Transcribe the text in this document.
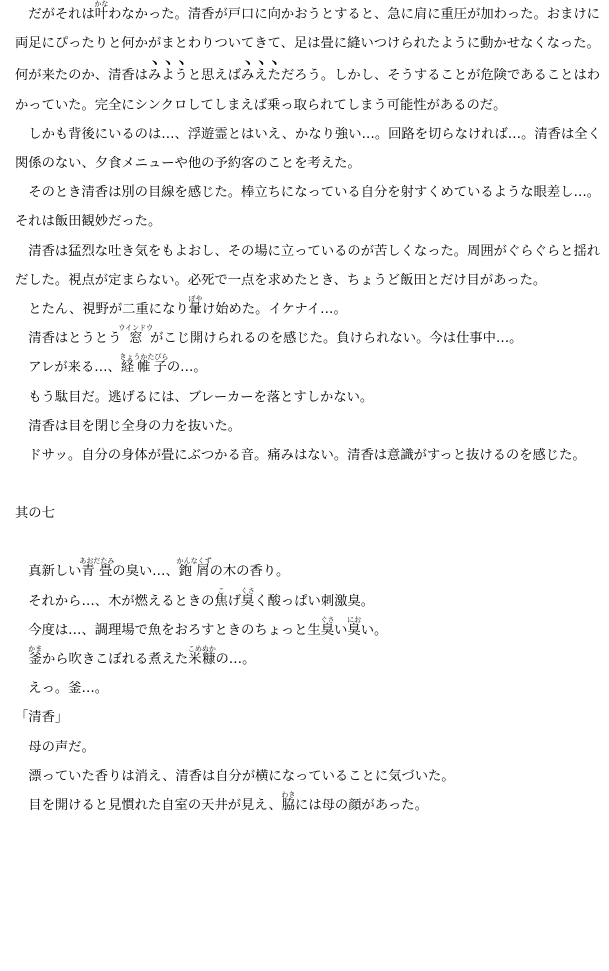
だがそれは叶かなわなかった。清香が戸口に向かおうとすると、急に肩に重圧が加わった。おまけに両足にぴったりと何かがまとわりついてきて、足は畳に縫いつけられたように動かせなくなった。何が来たのか、清香はみようと思えばみえただろう。しかし、そうすることが危険であることはわかっていた。完全にシンクロしてしまえば乗っ取られてしまう可能性があるのだ。

しかも背後にいるのは…、浮遊霊とはいえ、かなり強い…。回路を切らなければ…。清香は全く関係のない、夕食メニューや他の予約客のことを考えた。

そのとき清香は別の目線を感じた。棒立ちになっている自分を射すくめているような眼差し…。それは飯田観妙だった。

清香は猛烈な吐き気をもよおし、その場に立っているのが苦しくなった。周囲がぐらぐらと揺れだした。視点が定まらない。必死で一点を求めたとき、ちょうど飯田とだけ目があった。

とたん、視野が二重になり暈ぼやけ始めた。イケナイ…。

清香はとうとう窓ウインドウがこじ開けられるのを感じた。負けられない。今は仕事中…。

アレが来る…、経帷子きょうかたびらの…。

もう駄目だ。逃げるには、ブレーカーを落とすしかない。

清香は目を閉じ全身の力を抜いた。

ドサッ。自分の身体が畳にぶつかる音。痛みはない。清香は意識がすっと抜けるのを感じた。

其の七

真新しい青畳あおだたみの臭い…、鉋屑かんなくずの木の香り。

それから…、木が燃えるときの焦こげ臭くさく酸っぱい刺激臭。

今度は…、調理場で魚をおろすときのちょっと生臭ぐさい臭におい。

釜かまから吹きこぼれる煮えた米糠こめぬかの…。

えっ。釜…。

「清香」

母の声だ。

漂っていた香りは消え、清香は自分が横になっていることに気づいた。

目を開けると見慣れた自室の天井が見え、脇わきには母の顔があった。
